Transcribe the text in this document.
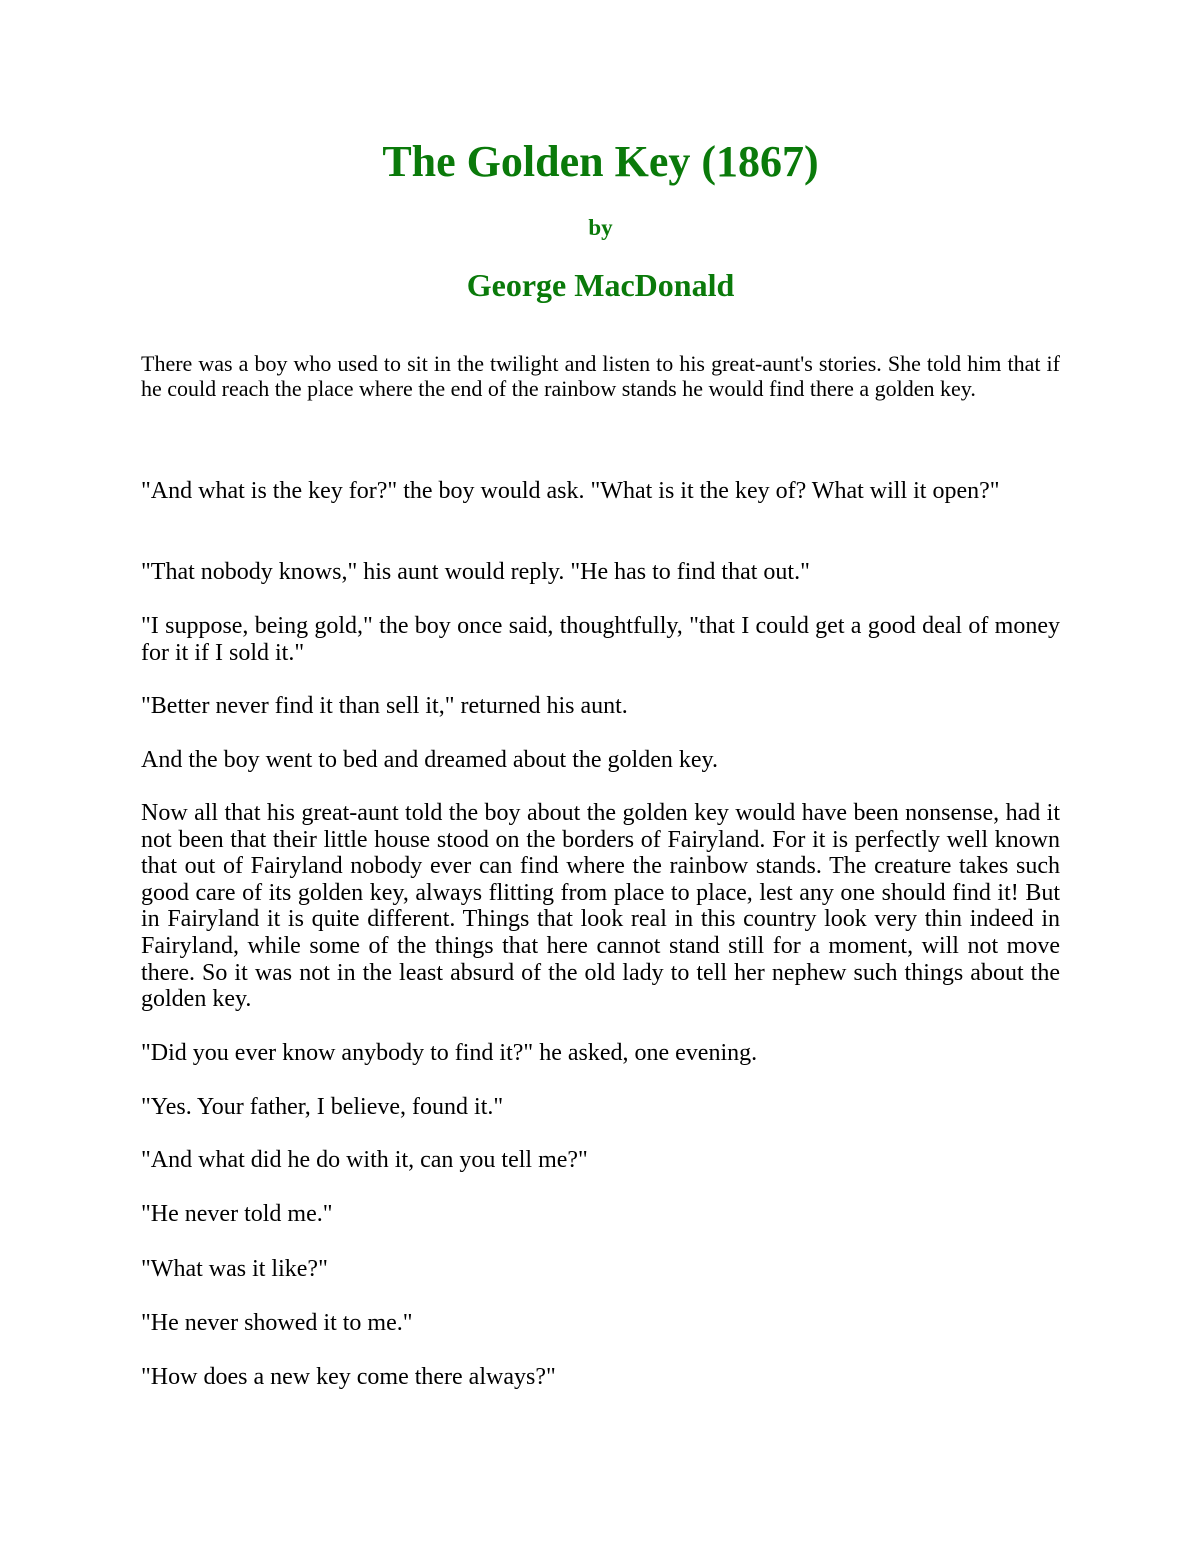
The Golden Key (1867)
by
George MacDonald

There was a boy who used to sit in the twilight and listen to his great-aunt's stories. She told him that if he could reach the place where the end of the rainbow stands he would find there a golden key.

"And what is the key for?" the boy would ask. "What is it the key of? What will it open?"

"That nobody knows," his aunt would reply. "He has to find that out."

"I suppose, being gold," the boy once said, thoughtfully, "that I could get a good deal of money for it if I sold it."

"Better never find it than sell it," returned his aunt.

And the boy went to bed and dreamed about the golden key.

Now all that his great-aunt told the boy about the golden key would have been nonsense, had it not been that their little house stood on the borders of Fairyland. For it is perfectly well known that out of Fairyland nobody ever can find where the rainbow stands. The creature takes such good care of its golden key, always flitting from place to place, lest any one should find it! But in Fairyland it is quite different. Things that look real in this country look very thin indeed in Fairyland, while some of the things that here cannot stand still for a moment, will not move there. So it was not in the least absurd of the old lady to tell her nephew such things about the golden key.

"Did you ever know anybody to find it?" he asked, one evening.

"Yes. Your father, I believe, found it."

"And what did he do with it, can you tell me?"

"He never told me."

"What was it like?"

"He never showed it to me."

"How does a new key come there always?"
